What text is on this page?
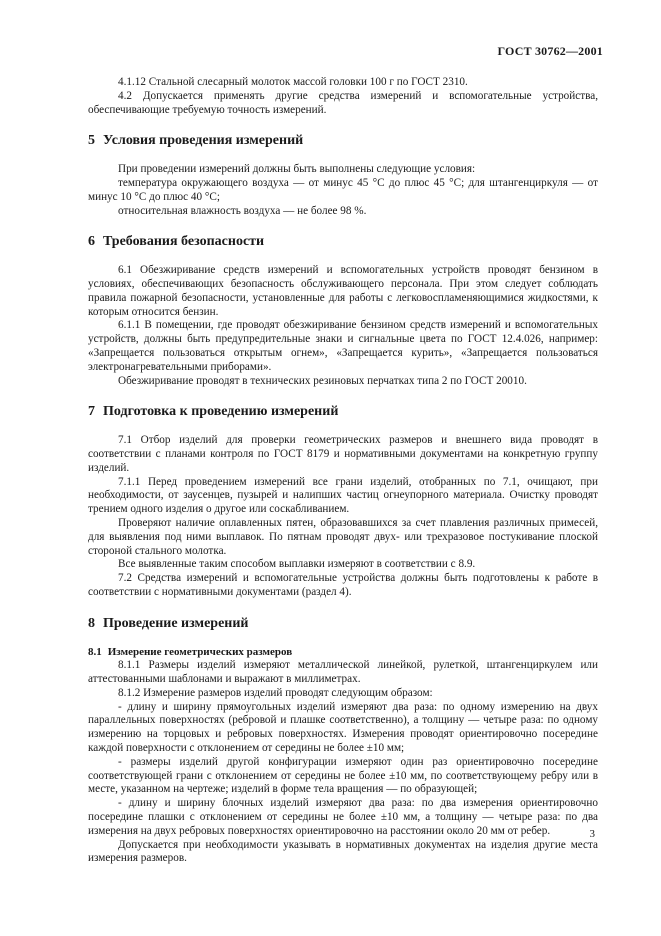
ГОСТ 30762—2001

4.1.12 Стальной слесарный молоток массой головки 100 г по ГОСТ 2310.

4.2 Допускается применять другие средства измерений и вспомогательные устройства, обеспечивающие требуемую точность измерений.

5 Условия проведения измерений

При проведении измерений должны быть выполнены следующие условия:

температура окружающего воздуха — от минус 45 °С до плюс 45 °С; для штангенциркуля — от минус 10 °С до плюс 40 °С;

относительная влажность воздуха — не более 98 %.

6 Требования безопасности

6.1 Обезжиривание средств измерений и вспомогательных устройств проводят бензином в условиях, обеспечивающих безопасность обслуживающего персонала. При этом следует соблюдать правила пожарной безопасности, установленные для работы с легковоспламеняющимися жидкостями, к которым относится бензин.

6.1.1 В помещении, где проводят обезжиривание бензином средств измерений и вспомогательных устройств, должны быть предупредительные знаки и сигнальные цвета по ГОСТ 12.4.026, например: «Запрещается пользоваться открытым огнем», «Запрещается курить», «Запрещается пользоваться электронагревательными приборами».

Обезжиривание проводят в технических резиновых перчатках типа 2 по ГОСТ 20010.

7 Подготовка к проведению измерений

7.1 Отбор изделий для проверки геометрических размеров и внешнего вида проводят в соответствии с планами контроля по ГОСТ 8179 и нормативными документами на конкретную группу изделий.

7.1.1 Перед проведением измерений все грани изделий, отобранных по 7.1, очищают, при необходимости, от заусенцев, пузырей и налипших частиц огнеупорного материала. Очистку проводят трением одного изделия о другое или соскабливанием.

Проверяют наличие оплавленных пятен, образовавшихся за счет плавления различных примесей, для выявления под ними выплавок. По пятнам проводят двух- или трехразовое постукивание плоской стороной стального молотка.

Все выявленные таким способом выплавки измеряют в соответствии с 8.9.

7.2 Средства измерений и вспомогательные устройства должны быть подготовлены к работе в соответствии с нормативными документами (раздел 4).

8 Проведение измерений
8.1 Измерение геометрических размеров

8.1.1 Размеры изделий измеряют металлической линейкой, рулеткой, штангенциркулем или аттестованными шаблонами и выражают в миллиметрах.

8.1.2 Измерение размеров изделий проводят следующим образом:

- длину и ширину прямоугольных изделий измеряют два раза: по одному измерению на двух параллельных поверхностях (ребровой и плашке соответственно), а толщину — четыре раза: по одному измерению на торцовых и ребровых поверхностях. Измерения проводят ориентировочно посередине каждой поверхности с отклонением от середины не более ±10 мм;

- размеры изделий другой конфигурации измеряют один раз ориентировочно посередине соответствующей грани с отклонением от середины не более ±10 мм, по соответствующему ребру или в месте, указанном на чертеже; изделий в форме тела вращения — по образующей;

- длину и ширину блочных изделий измеряют два раза: по два измерения ориентировочно посередине плашки с отклонением от середины не более ±10 мм, а толщину — четыре раза: по два измерения на двух ребровых поверхностях ориентировочно на расстоянии около 20 мм от ребер.

Допускается при необходимости указывать в нормативных документах на изделия другие места измерения размеров.

3
